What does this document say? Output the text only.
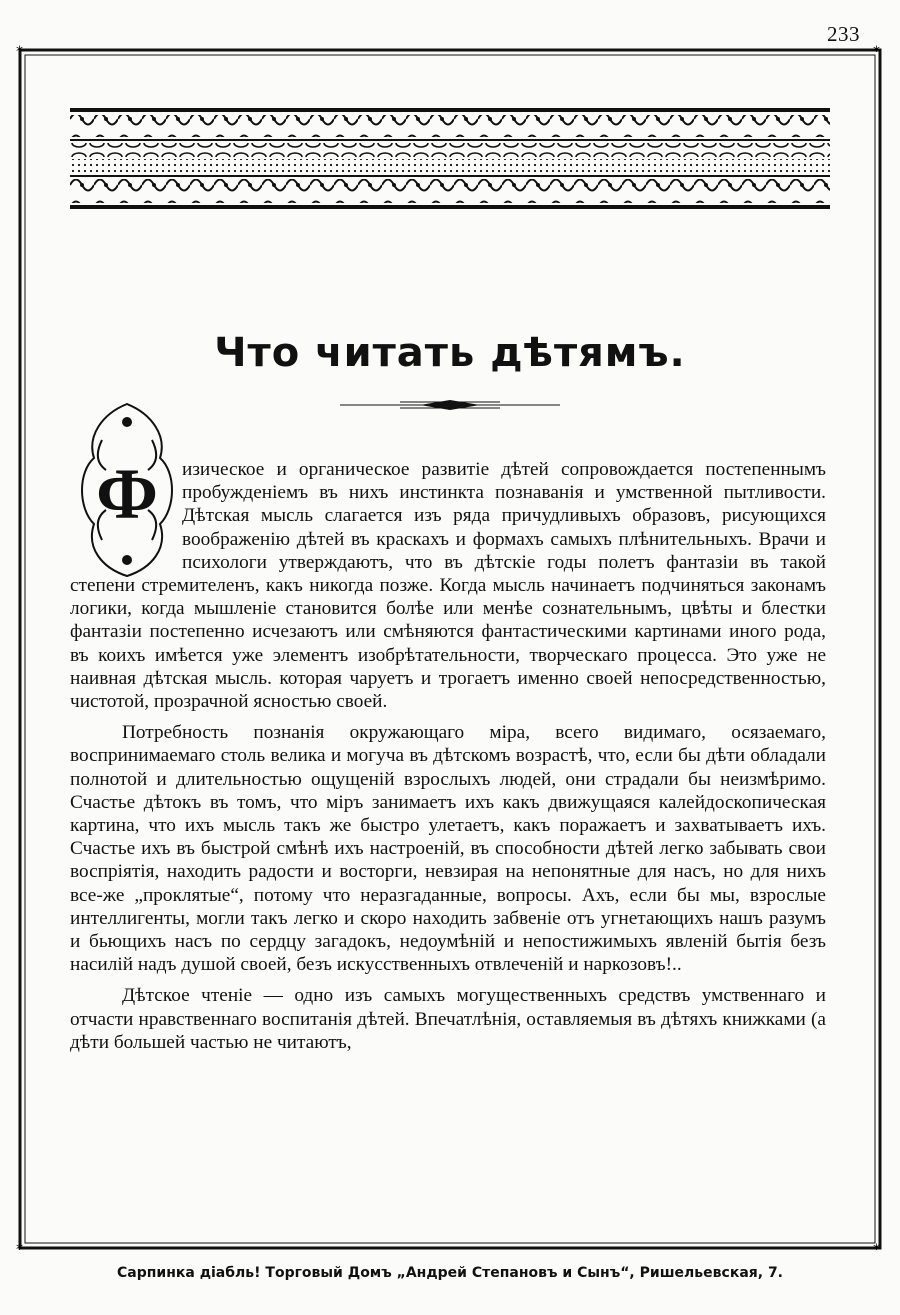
233
*	*
*	*
Что читать дѣтямъ.
Ф	изическое и органическое развитіе дѣтей сопровождается постепеннымъ пробужденіемъ въ нихъ инстинкта познаванія и умственной пытливости. Дѣтская мысль слагается изъ ряда причудливыхъ образовъ, рисующихся воображенію дѣтей въ краскахъ и формахъ самыхъ плѣнительныхъ. Врачи и психологи утверждаютъ, что въ дѣтскіе годы полетъ фантазіи въ такой степени стремителенъ, какъ никогда позже. Когда мысль начинаетъ подчиняться законамъ логики, когда мышленіе становится болѣе или менѣе сознательнымъ, цвѣты и блестки фантазіи постепенно исчезаютъ или смѣняются фантастическими картинами иного рода, въ коихъ имѣется уже элементъ изобрѣтательности, творческаго процесса. Это уже не наивная дѣтская мысль. которая чаруетъ и трогаетъ именно своей непосредственностью, чистотой, прозрачной ясностью своей.

Потребность познанія окружающаго міра, всего видимаго, осязаемаго, воспринимаемаго столь велика и могуча въ дѣтскомъ возрастѣ, что, если бы дѣти обладали полнотой и длительностью ощущеній взрослыхъ людей, они страдали бы неизмѣримо. Счастье дѣтокъ въ томъ, что міръ занимаетъ ихъ какъ движущаяся калейдоскопическая картина, что ихъ мысль такъ же быстро улетаетъ, какъ поражаетъ и захватываетъ ихъ. Счастье ихъ въ быстрой смѣнѣ ихъ настроеній, въ способности дѣтей легко забывать свои воспріятія, находить радости и восторги, невзирая на непонятные для насъ, но для нихъ все-же „проклятые“, потому что неразгаданные, вопросы. Ахъ, если бы мы, взрослые интеллигенты, могли такъ легко и скоро находить забвеніе отъ угнетающихъ нашъ разумъ и бьющихъ насъ по сердцу загадокъ, недоумѣній и непостижимыхъ явленій бытія безъ насилій надъ душой своей, безъ искусственныхъ отвлеченій и наркозовъ!..

Дѣтское чтеніе — одно изъ самыхъ могущественныхъ средствъ умственнаго и отчасти нравственнаго воспитанія дѣтей. Впечатлѣнія, оставляемыя въ дѣтяхъ книжками (а дѣти большей частью не читаютъ,

Сарпинка діабль! Торговый Домъ „Андрей Степановъ и Сынъ“, Ришельевская, 7.
